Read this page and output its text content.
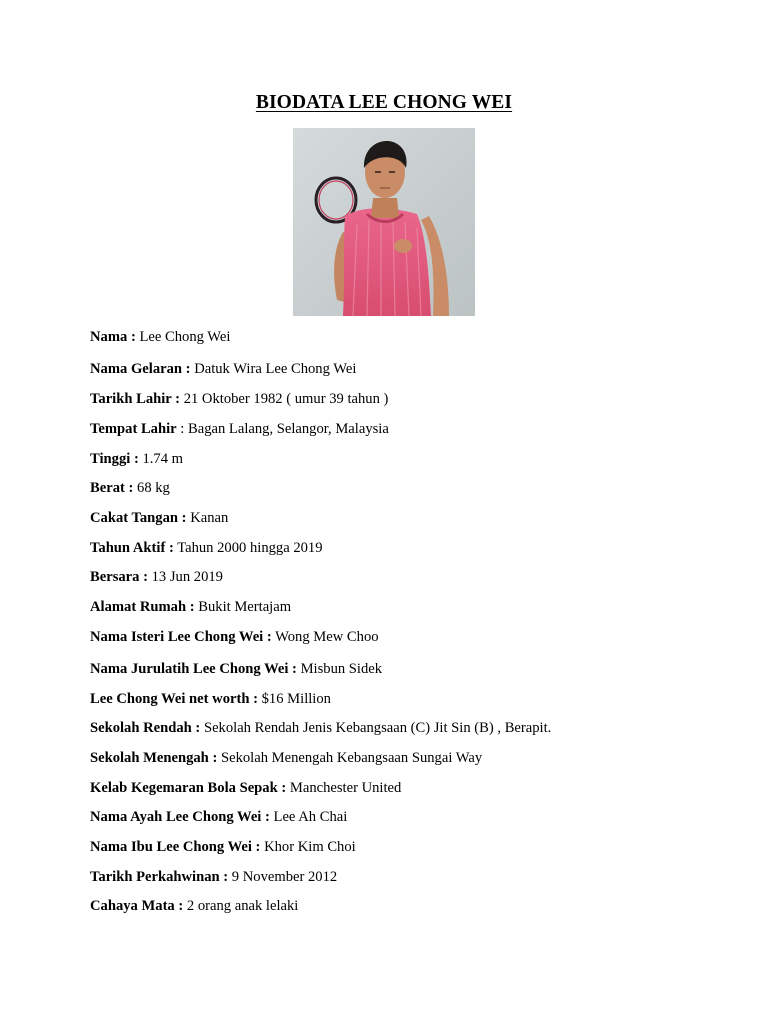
BIODATA LEE CHONG WEI
Nama : Lee Chong Wei
Nama Gelaran : Datuk Wira Lee Chong Wei
Tarikh Lahir : 21 Oktober 1982 ( umur 39 tahun )
Tempat Lahir : Bagan Lalang, Selangor, Malaysia
Tinggi : 1.74 m
Berat : 68 kg
Cakat Tangan : Kanan
Tahun Aktif : Tahun 2000 hingga 2019
Bersara : 13 Jun 2019
Alamat Rumah : Bukit Mertajam
Nama Isteri Lee Chong Wei : Wong Mew Choo
Nama Jurulatih Lee Chong Wei : Misbun Sidek
Lee Chong Wei net worth : $16 Million
Sekolah Rendah : Sekolah Rendah Jenis Kebangsaan (C) Jit Sin (B) , Berapit.
Sekolah Menengah : Sekolah Menengah Kebangsaan Sungai Way
Kelab Kegemaran Bola Sepak : Manchester United
Nama Ayah Lee Chong Wei : Lee Ah Chai
Nama Ibu Lee Chong Wei : Khor Kim Choi
Tarikh Perkahwinan : 9 November 2012
Cahaya Mata : 2 orang anak lelaki
